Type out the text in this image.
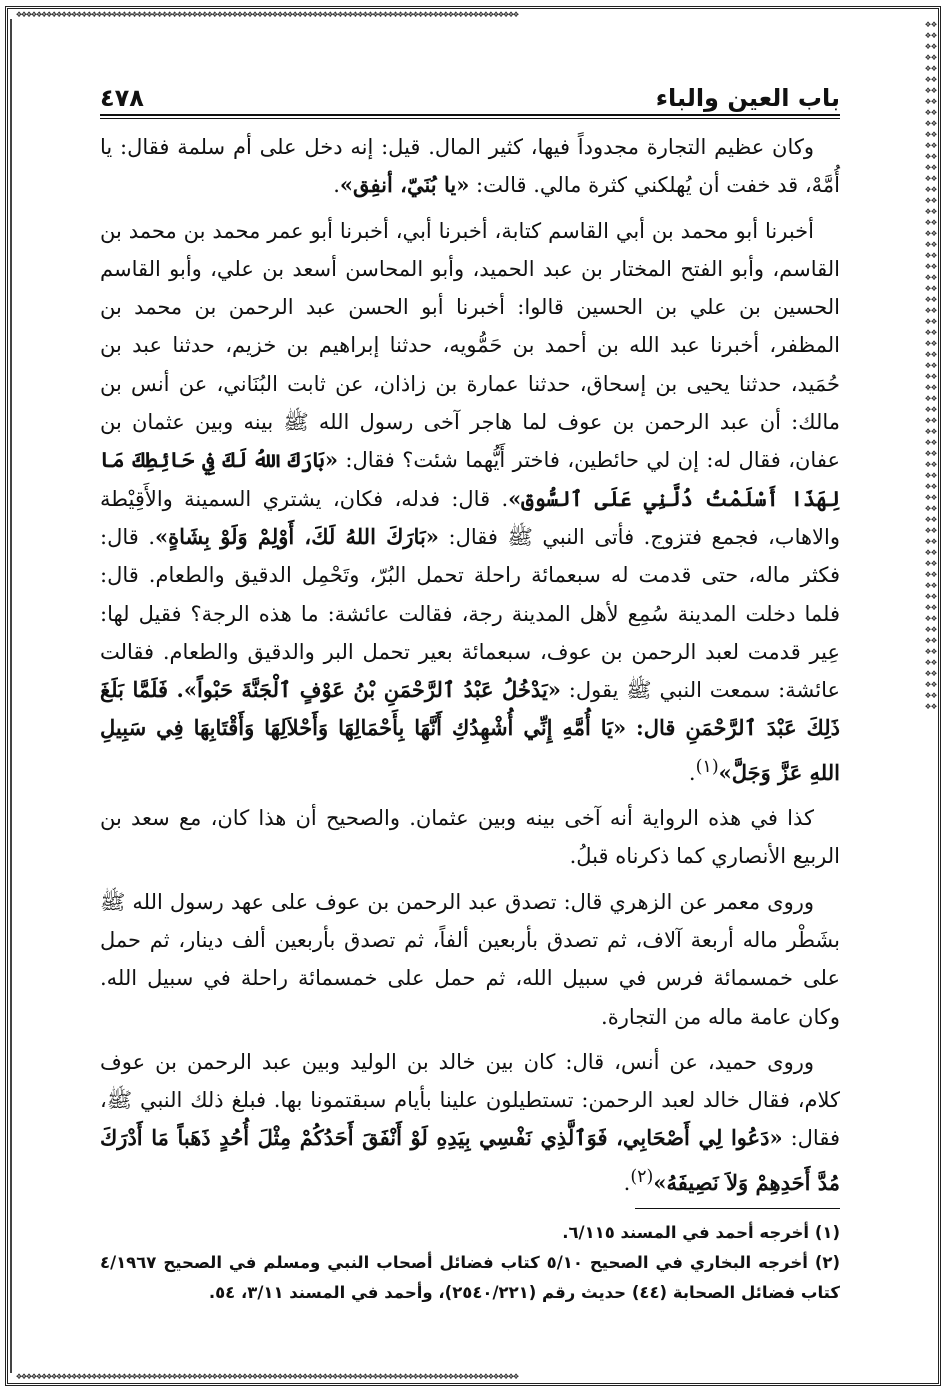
❖❖❖❖❖❖❖❖❖❖❖❖❖❖❖❖❖❖❖❖❖❖❖❖❖❖❖❖❖❖❖❖❖❖❖❖❖❖❖❖❖❖❖❖❖❖❖❖❖❖❖❖❖❖❖❖❖❖❖❖❖❖❖❖❖❖❖❖❖❖❖❖❖❖❖❖❖❖❖❖❖❖❖❖❖❖❖❖❖❖❖❖❖❖❖❖❖❖❖❖
❖❖❖❖❖❖❖❖❖❖❖❖❖❖❖❖❖❖❖❖❖❖❖❖❖❖❖❖❖❖❖❖❖❖❖❖❖❖❖❖❖❖❖❖❖❖❖❖❖❖❖❖❖❖❖❖❖❖❖❖❖❖❖❖❖❖❖❖❖❖❖❖❖❖❖❖❖❖❖❖❖❖❖❖❖❖❖❖❖❖❖❖❖❖❖❖❖❖❖❖❖❖❖❖❖❖❖❖❖❖❖❖❖❖❖❖❖❖❖❖❖❖❖❖❖❖
❖❖❖❖❖❖❖❖❖❖❖❖❖❖❖❖❖❖❖❖❖❖❖❖❖❖❖❖❖❖❖❖❖❖❖❖❖❖❖❖❖❖❖❖❖❖❖❖❖❖❖❖❖❖❖❖❖❖❖❖❖❖❖❖❖❖❖❖❖❖❖❖❖❖❖❖❖❖❖❖❖❖❖❖❖❖❖❖❖❖❖❖❖❖❖❖❖❖❖❖
باب العين والباء
٤٧٨

وكان عظيم التجارة مجدوداً فيها، كثير المال. قيل: إنه دخل على أم سلمة فقال: يا أُمَّهْ، قد خفت أن يُهلكني كثرة مالي. قالت: «يا بُنَيّ، أنفِق».

أخبرنا أبو محمد بن أبي القاسم كتابة، أخبرنا أبي، أخبرنا أبو عمر محمد بن محمد بن القاسم، وأبو الفتح المختار بن عبد الحميد، وأبو المحاسن أسعد بن علي، وأبو القاسم الحسين بن علي بن الحسين قالوا: أخبرنا أبو الحسن عبد الرحمن بن محمد بن المظفر، أخبرنا عبد الله بن أحمد بن حَمُّويه، حدثنا إبراهيم بن خزيم، حدثنا عبد بن حُمَيد، حدثنا يحيى بن إسحاق، حدثنا عمارة بن زاذان، عن ثابت البُنَاني، عن أنس بن مالك: أن عبد الرحمن بن عوف لما هاجر آخى رسول الله ﷺ بينه وبين عثمان بن عفان، فقال له: إن لي حائطين، فاختر أَيُّهما شئت؟ فقال: «بَارَكَ اللهُ لَكَ فِي حَائِطِكَ مَا لِهَذَا أَسْلَمْتُ دُلَّنِي عَلَى ٱلسُّوق». قال: فدله، فكان، يشتري السمينة والأَقِيْطة والاهاب، فجمع فتزوج. فأتى النبي ﷺ فقال: «بَارَكَ اللهُ لَكَ، أَوْلِمْ وَلَوْ بِشَاةٍ». قال: فكثر ماله، حتى قدمت له سبعمائة راحلة تحمل البُرّ، وتَحْمِل الدقيق والطعام. قال: فلما دخلت المدينة سُمِع لأهل المدينة رجة، فقالت عائشة: ما هذه الرجة؟ فقيل لها: عِير قدمت لعبد الرحمن بن عوف، سبعمائة بعير تحمل البر والدقيق والطعام. فقالت عائشة: سمعت النبي ﷺ يقول: «يَدْخُلُ عَبْدُ ٱلرَّحْمَنِ بْنُ عَوْفٍ ٱلْجَنَّةَ حَبْواً». فَلَمَّا بَلَغَ ذَلِكَ عَبْدَ ٱلرَّحْمَنِ قال: «يَا أُمَّهِ إِنِّي أُشْهِدُكِ أَنَّهَا بِأَحْمَالِهَا وَأَحْلاَلِهَا وَأَقْتَابِهَا فِي سَبِيلِ اللهِ عَزَّ وَجَلَّ»$^{(١)}$.

كذا في هذه الرواية أنه آخى بينه وبين عثمان. والصحيح أن هذا كان، مع سعد بن الربيع الأنصاري كما ذكرناه قبلُ.

وروى معمر عن الزهري قال: تصدق عبد الرحمن بن عوف على عهد رسول الله ﷺ بشَطْر ماله أربعة آلاف، ثم تصدق بأربعين ألفاً، ثم تصدق بأربعين ألف دينار، ثم حمل على خمسمائة فرس في سبيل الله، ثم حمل على خمسمائة راحلة في سبيل الله. وكان عامة ماله من التجارة.

وروى حميد، عن أنس، قال: كان بين خالد بن الوليد وبين عبد الرحمن بن عوف كلام، فقال خالد لعبد الرحمن: تستطيلون علينا بأيام سبقتمونا بها. فبلغ ذلك النبي ﷺ، فقال: «دَعُوا لِي أَصْحَابِي، فَوَٱلَّذِي نَفْسِي بِيَدِهِ لَوْ أَنْفَقَ أَحَدُكُمْ مِثْلَ أُحُدٍ ذَهَباً مَا أَدْرَكَ مُدَّ أَحَدِهِمْ وَلاَ نَصِيفَهُ»$^{(٢)}$.

(١) أخرجه أحمد في المسند ٦/١١٥.

(٢) أخرجه البخاري في الصحيح ٥/١٠ كتاب فضائل أصحاب النبي ومسلم في الصحيح ٤/١٩٦٧ كتاب فضائل الصحابة (٤٤) حديث رقم (٢٥٤٠/٢٢١)، وأحمد في المسند ٣/١١، ٥٤.
